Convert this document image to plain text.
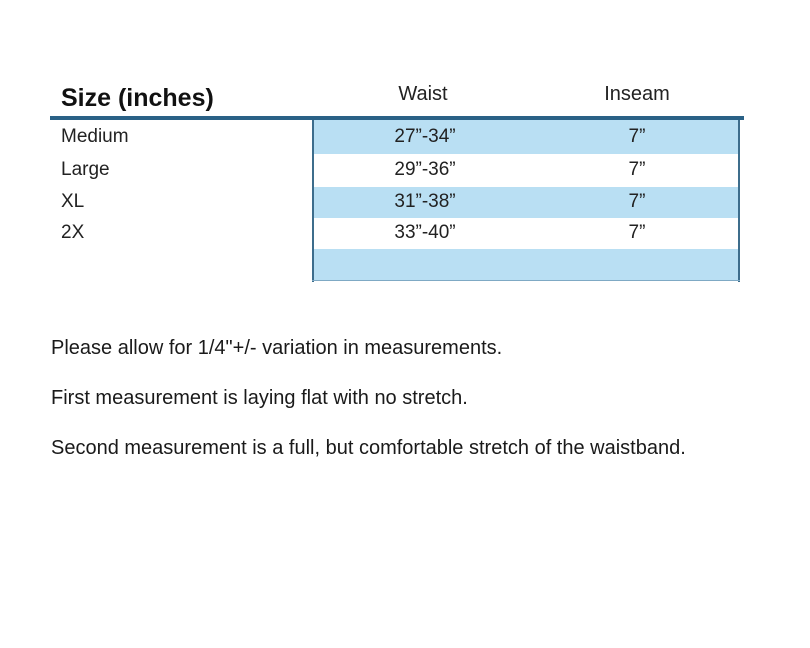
Size (inches)	Waist	Inseam
Medium	27”-34”	7”
Large	29”-36”	7”
XL	31”-38”	7”
2X	33”-40”	7”
Please allow for 1/4"+/- variation in measurements.
First measurement is laying flat with no stretch.
Second measurement is a full, but comfortable stretch of the waistband.
